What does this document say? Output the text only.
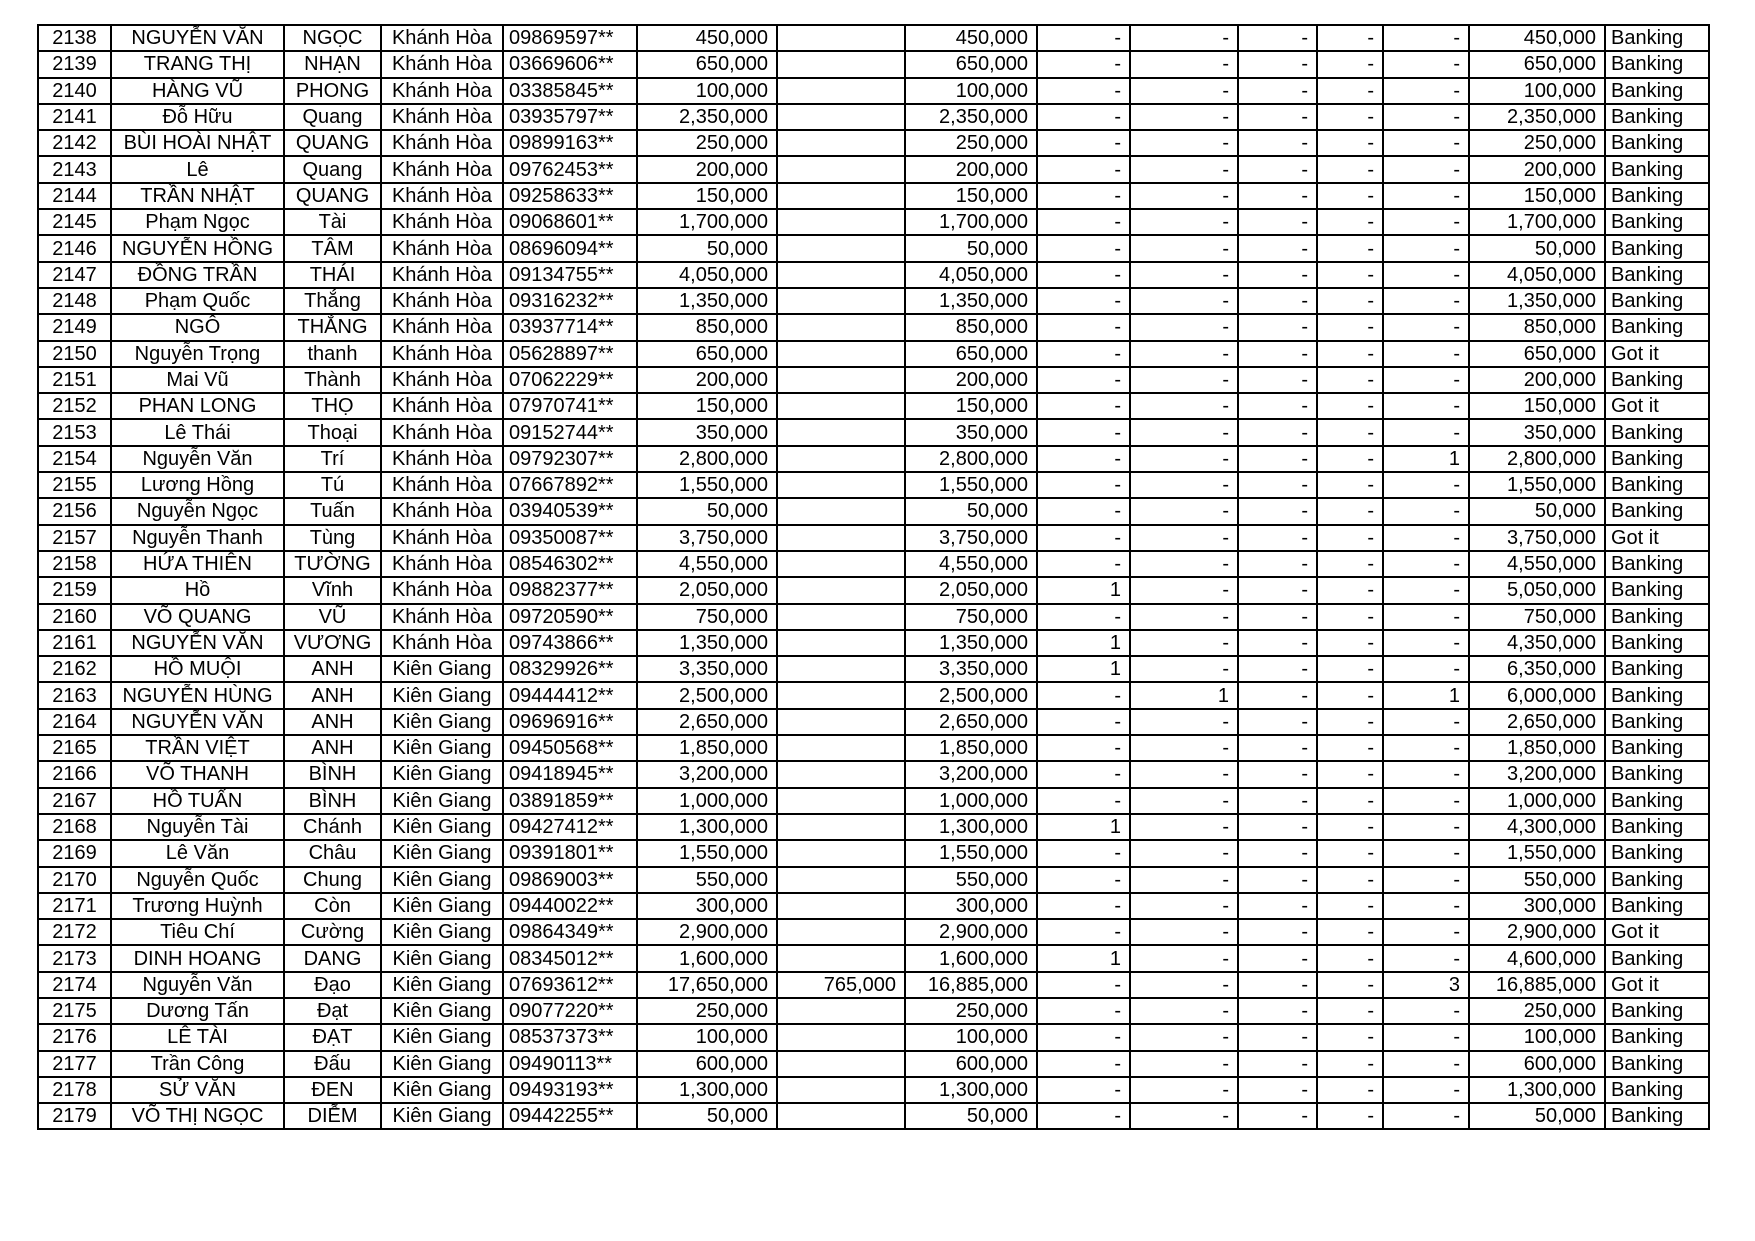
2138	NGUYỄN VĂN	NGỌC	Khánh Hòa	09869597**	450,000		450,000	-	-	-	-	-	450,000	Banking
2139	TRANG THỊ	NHẠN	Khánh Hòa	03669606**	650,000		650,000	-	-	-	-	-	650,000	Banking
2140	HÀNG VŨ	PHONG	Khánh Hòa	03385845**	100,000		100,000	-	-	-	-	-	100,000	Banking
2141	Đỗ Hữu	Quang	Khánh Hòa	03935797**	2,350,000		2,350,000	-	-	-	-	-	2,350,000	Banking
2142	BÙI HOÀI NHẬT	QUANG	Khánh Hòa	09899163**	250,000		250,000	-	-	-	-	-	250,000	Banking
2143	Lê	Quang	Khánh Hòa	09762453**	200,000		200,000	-	-	-	-	-	200,000	Banking
2144	TRẦN NHẬT	QUANG	Khánh Hòa	09258633**	150,000		150,000	-	-	-	-	-	150,000	Banking
2145	Phạm Ngọc	Tài	Khánh Hòa	09068601**	1,700,000		1,700,000	-	-	-	-	-	1,700,000	Banking
2146	NGUYỄN HỒNG	TÂM	Khánh Hòa	08696094**	50,000		50,000	-	-	-	-	-	50,000	Banking
2147	ĐỒNG TRẦN	THÁI	Khánh Hòa	09134755**	4,050,000		4,050,000	-	-	-	-	-	4,050,000	Banking
2148	Phạm Quốc	Thắng	Khánh Hòa	09316232**	1,350,000		1,350,000	-	-	-	-	-	1,350,000	Banking
2149	NGÔ	THẮNG	Khánh Hòa	03937714**	850,000		850,000	-	-	-	-	-	850,000	Banking
2150	Nguyễn Trọng	thanh	Khánh Hòa	05628897**	650,000		650,000	-	-	-	-	-	650,000	Got it
2151	Mai Vũ	Thành	Khánh Hòa	07062229**	200,000		200,000	-	-	-	-	-	200,000	Banking
2152	PHAN LONG	THỌ	Khánh Hòa	07970741**	150,000		150,000	-	-	-	-	-	150,000	Got it
2153	Lê Thái	Thoại	Khánh Hòa	09152744**	350,000		350,000	-	-	-	-	-	350,000	Banking
2154	Nguyễn Văn	Trí	Khánh Hòa	09792307**	2,800,000		2,800,000	-	-	-	-	1	2,800,000	Banking
2155	Lương Hồng	Tú	Khánh Hòa	07667892**	1,550,000		1,550,000	-	-	-	-	-	1,550,000	Banking
2156	Nguyễn Ngọc	Tuấn	Khánh Hòa	03940539**	50,000		50,000	-	-	-	-	-	50,000	Banking
2157	Nguyễn Thanh	Tùng	Khánh Hòa	09350087**	3,750,000		3,750,000	-	-	-	-	-	3,750,000	Got it
2158	HỨA THIÊN	TƯỜNG	Khánh Hòa	08546302**	4,550,000		4,550,000	-	-	-	-	-	4,550,000	Banking
2159	Hồ	Vĩnh	Khánh Hòa	09882377**	2,050,000		2,050,000	1	-	-	-	-	5,050,000	Banking
2160	VÕ QUANG	VŨ	Khánh Hòa	09720590**	750,000		750,000	-	-	-	-	-	750,000	Banking
2161	NGUYỄN VĂN	VƯƠNG	Khánh Hòa	09743866**	1,350,000		1,350,000	1	-	-	-	-	4,350,000	Banking
2162	HỒ MUỘI	ANH	Kiên Giang	08329926**	3,350,000		3,350,000	1	-	-	-	-	6,350,000	Banking
2163	NGUYỄN HÙNG	ANH	Kiên Giang	09444412**	2,500,000		2,500,000	-	1	-	-	1	6,000,000	Banking
2164	NGUYỄN VĂN	ANH	Kiên Giang	09696916**	2,650,000		2,650,000	-	-	-	-	-	2,650,000	Banking
2165	TRẦN VIỆT	ANH	Kiên Giang	09450568**	1,850,000		1,850,000	-	-	-	-	-	1,850,000	Banking
2166	VÕ THANH	BÌNH	Kiên Giang	09418945**	3,200,000		3,200,000	-	-	-	-	-	3,200,000	Banking
2167	HỒ TUẤN	BÌNH	Kiên Giang	03891859**	1,000,000		1,000,000	-	-	-	-	-	1,000,000	Banking
2168	Nguyễn Tài	Chánh	Kiên Giang	09427412**	1,300,000		1,300,000	1	-	-	-	-	4,300,000	Banking
2169	Lê Văn	Châu	Kiên Giang	09391801**	1,550,000		1,550,000	-	-	-	-	-	1,550,000	Banking
2170	Nguyễn Quốc	Chung	Kiên Giang	09869003**	550,000		550,000	-	-	-	-	-	550,000	Banking
2171	Trương Huỳnh	Còn	Kiên Giang	09440022**	300,000		300,000	-	-	-	-	-	300,000	Banking
2172	Tiêu Chí	Cường	Kiên Giang	09864349**	2,900,000		2,900,000	-	-	-	-	-	2,900,000	Got it
2173	DINH HOANG	DANG	Kiên Giang	08345012**	1,600,000		1,600,000	1	-	-	-	-	4,600,000	Banking
2174	Nguyễn Văn	Đạo	Kiên Giang	07693612**	17,650,000	765,000	16,885,000	-	-	-	-	3	16,885,000	Got it
2175	Dương Tấn	Đạt	Kiên Giang	09077220**	250,000		250,000	-	-	-	-	-	250,000	Banking
2176	LÊ TÀI	ĐẠT	Kiên Giang	08537373**	100,000		100,000	-	-	-	-	-	100,000	Banking
2177	Trần Công	Đấu	Kiên Giang	09490113**	600,000		600,000	-	-	-	-	-	600,000	Banking
2178	SỬ VĂN	ĐEN	Kiên Giang	09493193**	1,300,000		1,300,000	-	-	-	-	-	1,300,000	Banking
2179	VÕ THỊ NGỌC	DIỄM	Kiên Giang	09442255**	50,000		50,000	-	-	-	-	-	50,000	Banking
